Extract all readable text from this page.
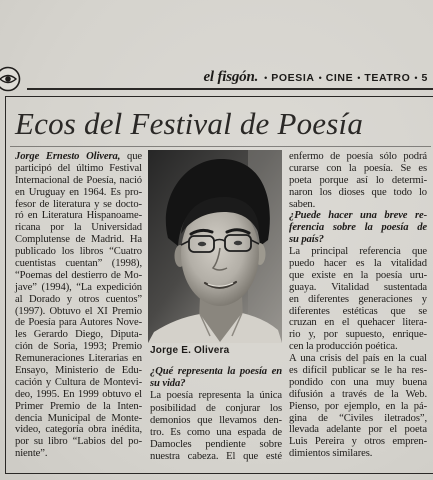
el fisgón. • POESIA • CINE • TEATRO • 5
Ecos del Festival de Poesía
Jorge Ernesto Olivera, que
participó del último Festival
Internacional de Poesía, nació
en Uruguay en 1964. Es pro-
fesor de literatura y se docto-
ró en Literatura Hispanoame-
ricana por la Universidad
Complutense de Madrid. Ha
publicado los libros “Cuatro
cuentistas cuentan” (1998),
“Poemas del destierro de Mo-
jave” (1994), “La expedición
al Dorado y otros cuentos”
(1997). Obtuvo el XI Premio
de Poesía para Autores Nove-
les Gerardo Diego, Diputa-
ción de Soria, 1993; Premio
Remuneraciones Literarias en
Ensayo, Ministerio de Edu-
cación y Cultura de Montevi-
deo, 1995. En 1999 obtuvo el
Primer Premio de la Inten-
dencia Municipal de Monte-
video, categoría obra inédita,
por su libro “Labios del po-
niente”.
Jorge E. Olivera
¿Qué representa la poesía en
su vida?
La poesía representa la única
posibilidad de conjurar los
demonios que llevamos den-
tro. Es como una espada de
Damocles pendiente sobre
nuestra cabeza. El que esté
enfermo de poesía sólo podrá
curarse con la poesía. Se es
poeta porque así lo determi-
naron los dioses que todo lo
saben.
¿Puede hacer una breve re-
ferencia sobre la poesía de
su país?
La principal referencia que
puedo hacer es la vitalidad
que existe en la poesía uru-
guaya. Vitalidad sustentada
en diferentes generaciones y
diferentes estéticas que se
cruzan en el quehacer litera-
rio y, por supuesto, enrique-
cen la producción poética.
A una crisis del país en la cual
es difícil publicar se le ha res-
pondido con una muy buena
difusión a través de la Web.
Pienso, por ejemplo, en la pá-
gina de “Civiles iletrados”,
llevada adelante por el poeta
Luis Pereira y otros empren-
dimientos similares.
